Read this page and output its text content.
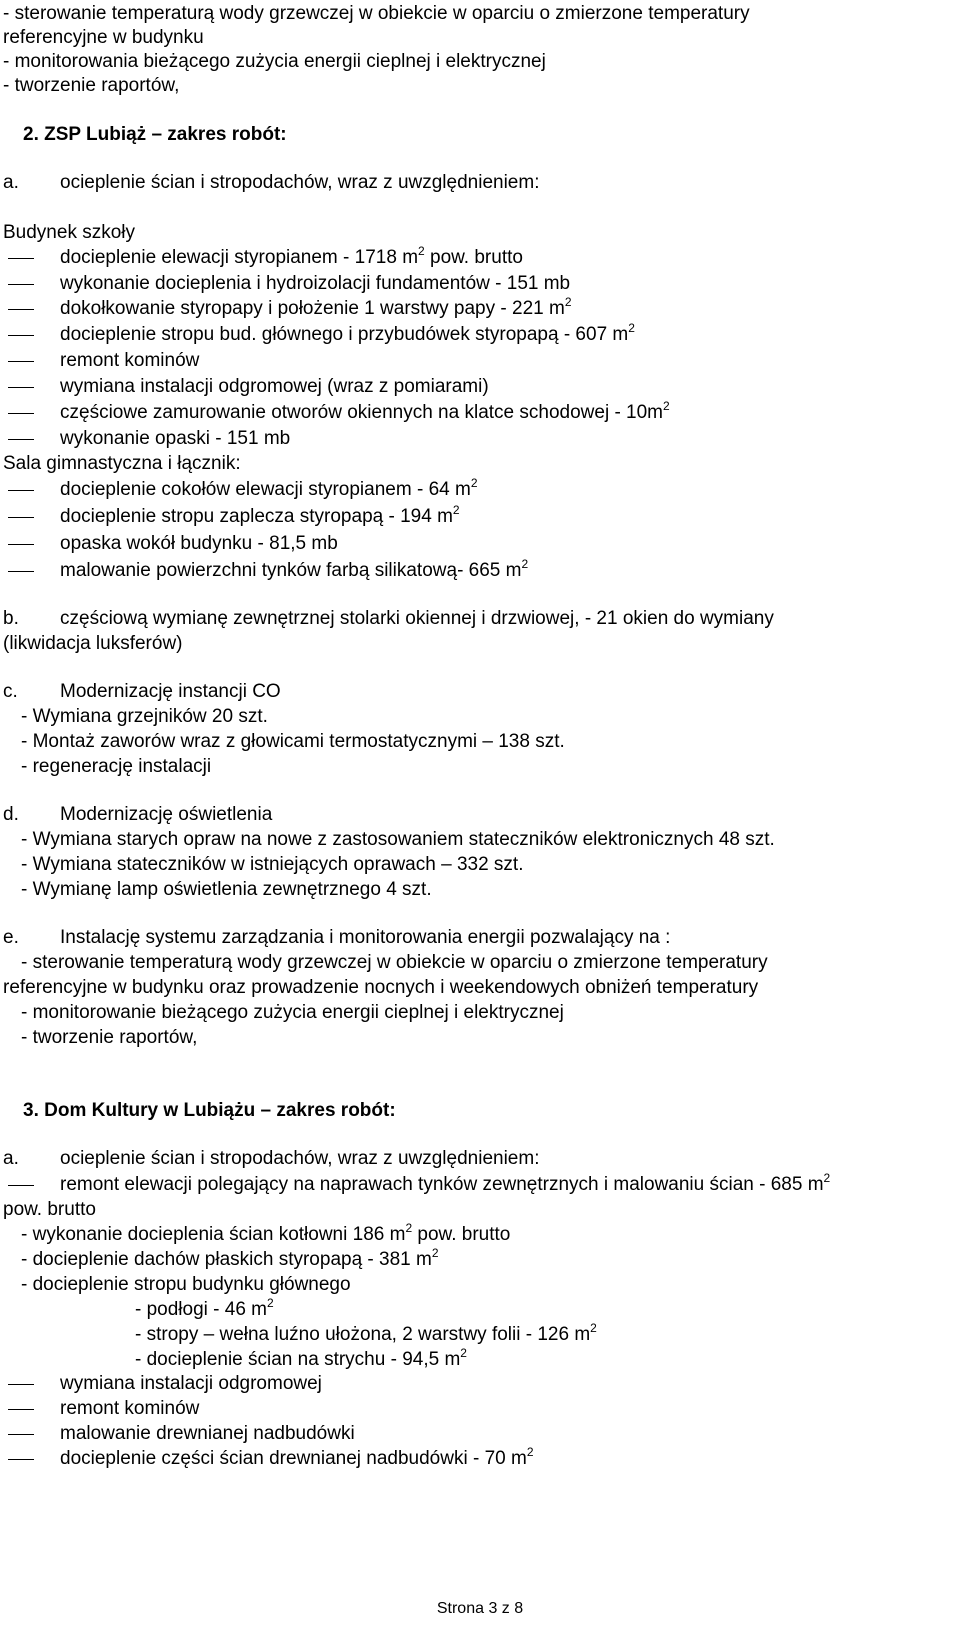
- sterowanie temperaturą wody grzewczej w obiekcie w oparciu o zmierzone temperatury
referencyjne w budynku
- monitorowania bieżącego zużycia energii cieplnej i elektrycznej
- tworzenie raportów,
2. ZSP Lubiąż – zakres robót:
a. ocieplenie ścian i stropodachów, wraz z uwzględnieniem:
Budynek szkoły
docieplenie elewacji styropianem - 1718 $m^2$ pow. brutto
wykonanie docieplenia i hydroizolacji fundamentów - 151 mb
dokołkowanie styropapy i położenie 1 warstwy papy - 221 $m^2$
docieplenie stropu bud. głównego i przybudówek styropapą - 607 $m^2$
remont kominów
wymiana instalacji odgromowej (wraz z pomiarami)
częściowe zamurowanie otworów okiennych na klatce schodowej - $10m^2$
wykonanie opaski - 151 mb
Sala gimnastyczna i łącznik:
docieplenie cokołów elewacji styropianem - 64 $m^2$
docieplenie stropu zaplecza styropapą - 194 $m^2$
opaska wokół budynku - 81,5 mb
malowanie powierzchni tynków farbą silikatową- 665 $m^2$
b. częściową wymianę zewnętrznej stolarki okiennej i drzwiowej, - 21 okien do wymiany
(likwidacja luksferów)
c. Modernizację instancji CO
- Wymiana grzejników 20 szt.
- Montaż zaworów wraz z głowicami termostatycznymi – 138 szt.
- regenerację instalacji
d. Modernizację oświetlenia
- Wymiana starych opraw na nowe z zastosowaniem stateczników elektronicznych 48 szt.
- Wymiana stateczników w istniejących oprawach – 332 szt.
- Wymianę lamp oświetlenia zewnętrznego 4 szt.
e. Instalację systemu zarządzania i monitorowania energii pozwalający na :
- sterowanie temperaturą wody grzewczej w obiekcie w oparciu o zmierzone temperatury
referencyjne w budynku oraz prowadzenie nocnych i weekendowych obniżeń temperatury
- monitorowanie bieżącego zużycia energii cieplnej i elektrycznej
- tworzenie raportów,
3. Dom Kultury w Lubiążu – zakres robót:
a. ocieplenie ścian i stropodachów, wraz z uwzględnieniem:
remont elewacji polegający na naprawach tynków zewnętrznych i malowaniu ścian - 685 $m^2$
pow. brutto
- wykonanie docieplenia ścian kotłowni 186 $m^2$ pow. brutto
- docieplenie dachów płaskich styropapą - 381 $m^2$
- docieplenie stropu budynku głównego
- podłogi - 46 $m^2$
- stropy – wełna luźno ułożona, 2 warstwy folii - 126 $m^2$
- docieplenie ścian na strychu - 94,5 $m^2$
wymiana instalacji odgromowej
remont kominów
malowanie drewnianej nadbudówki
docieplenie części ścian drewnianej nadbudówki - 70 $m^2$
Strona 3 z 8
